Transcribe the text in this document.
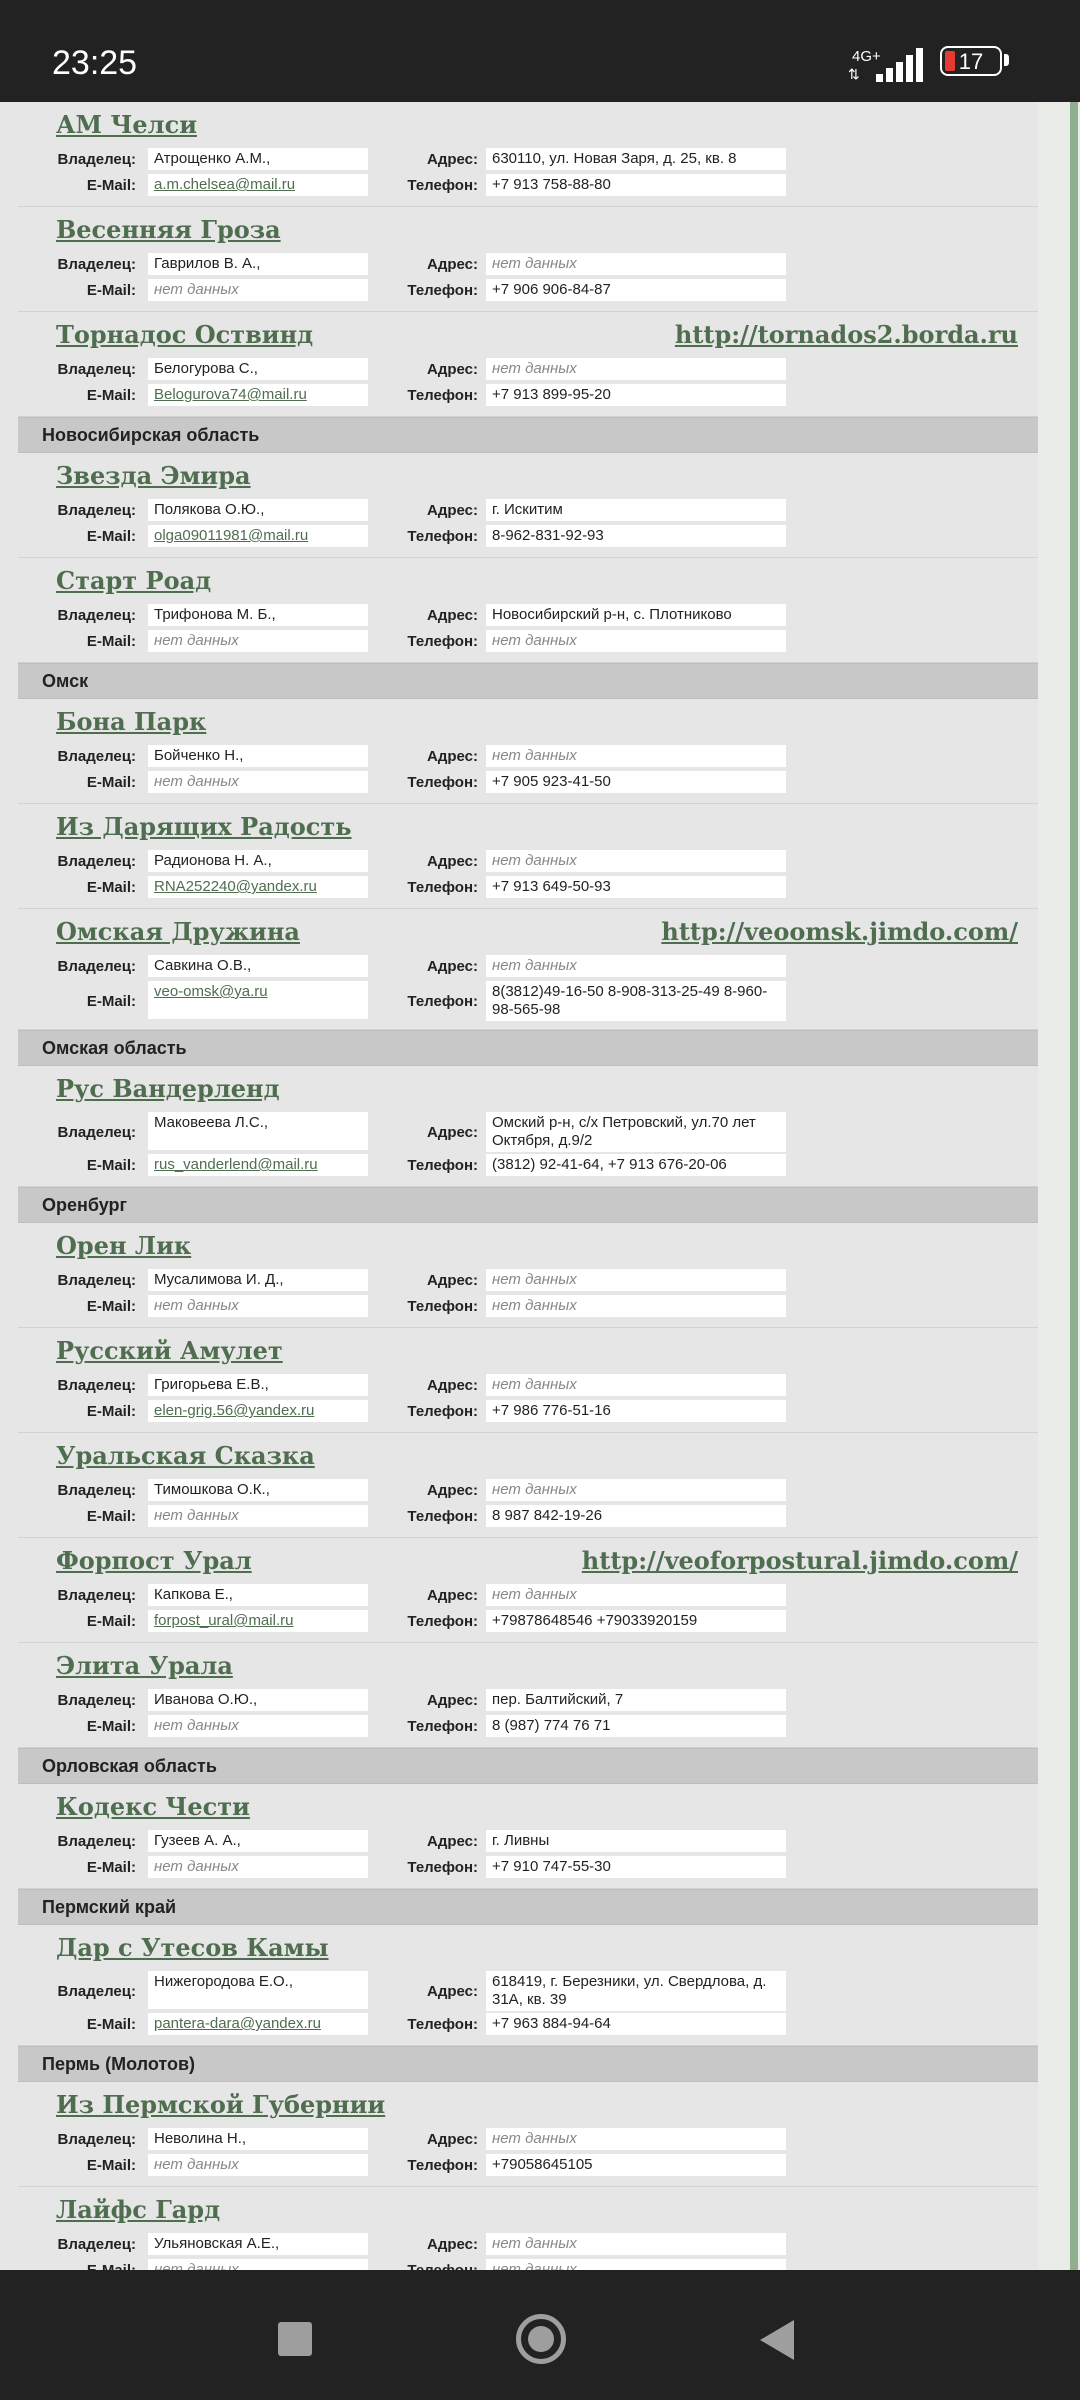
23:25	4G+
⇅	17
АМ Челси
Владелец:	Атрощенко А.М.,	Адрес: 630110, ул. Новая Заря, д. 25, кв. 8
E-Mail:	a.m.chelsea@mail.ru	Телефон: +7 913 758-88-80
Весенняя Гроза
Владелец:	Гаврилов В. А.,	Адрес: нет данных
E-Mail:	нет данных	Телефон: +7 906 906-84-87
Торнадос Оствинд	http://tornados2.borda.ru
Владелец:	Белогурова С.,	Адрес: нет данных
E-Mail:	Belogurova74@mail.ru	Телефон: +7 913 899-95-20
Новосибирская область
Звезда Эмира
Владелец:	Полякова О.Ю.,	Адрес: г. Искитим
E-Mail:	olga09011981@mail.ru	Телефон: 8-962-831-92-93
Старт Роад
Владелец:	Трифонова М. Б.,	Адрес: Новосибирский р-н, с. Плотниково
E-Mail:	нет данных	Телефон: нет данных
Омск
Бона Парк
Владелец:	Бойченко Н.,	Адрес: нет данных
E-Mail:	нет данных	Телефон: +7 905 923-41-50
Из Дарящих Радость
Владелец:	Радионова Н. А.,	Адрес: нет данных
E-Mail:	RNA252240@yandex.ru	Телефон: +7 913 649-50-93
Омская Дружина	http://veoomsk.jimdo.com/
Владелец:	Савкина О.В.,	Адрес: нет данных
E-Mail:
veo-omsk@ya.ru
Телефон:
8(3812)49-16-50 8-908-313-25-49 8-960-98-565-98
Омская область
Рус Вандерленд
Владелец:
Маковеева Л.С.,
Адрес:
Омский р-н, с/х Петровский, ул.70 лет Октября, д.9/2
E-Mail:	rus_vanderlend@mail.ru	Телефон: (3812) 92-41-64, +7 913 676-20-06
Оренбург
Орен Лик
Владелец:	Мусалимова И. Д.,	Адрес: нет данных
E-Mail:	нет данных	Телефон: нет данных
Русский Амулет
Владелец:	Григорьева Е.В.,	Адрес: нет данных
E-Mail:	elen-grig.56@yandex.ru	Телефон: +7 986 776-51-16
Уральская Сказка
Владелец:	Тимошкова О.К.,	Адрес: нет данных
E-Mail:	нет данных	Телефон: 8 987 842-19-26
Форпост Урал	http://veoforpostural.jimdo.com/
Владелец:	Капкова Е.,	Адрес: нет данных
E-Mail:	forpost_ural@mail.ru	Телефон: +79878648546 +79033920159
Элита Урала
Владелец:	Иванова О.Ю.,	Адрес: пер. Балтийский, 7
E-Mail:	нет данных	Телефон: 8 (987) 774 76 71
Орловская область
Кодекс Чести
Владелец:	Гузеев А. А.,	Адрес: г. Ливны
E-Mail:	нет данных	Телефон: +7 910 747-55-30
Пермский край
Дар с Утесов Камы
Владелец:
Нижегородова Е.О.,
Адрес:
618419, г. Березники, ул. Свердлова, д. 31А, кв. 39
E-Mail:	pantera-dara@yandex.ru	Телефон: +7 963 884-94-64
Пермь (Молотов)
Из Пермской Губернии
Владелец:	Неволина Н.,	Адрес: нет данных
E-Mail:	нет данных	Телефон: +79058645105
Лайфс Гард
Владелец:	Ульяновская А.Е.,	Адрес: нет данных
